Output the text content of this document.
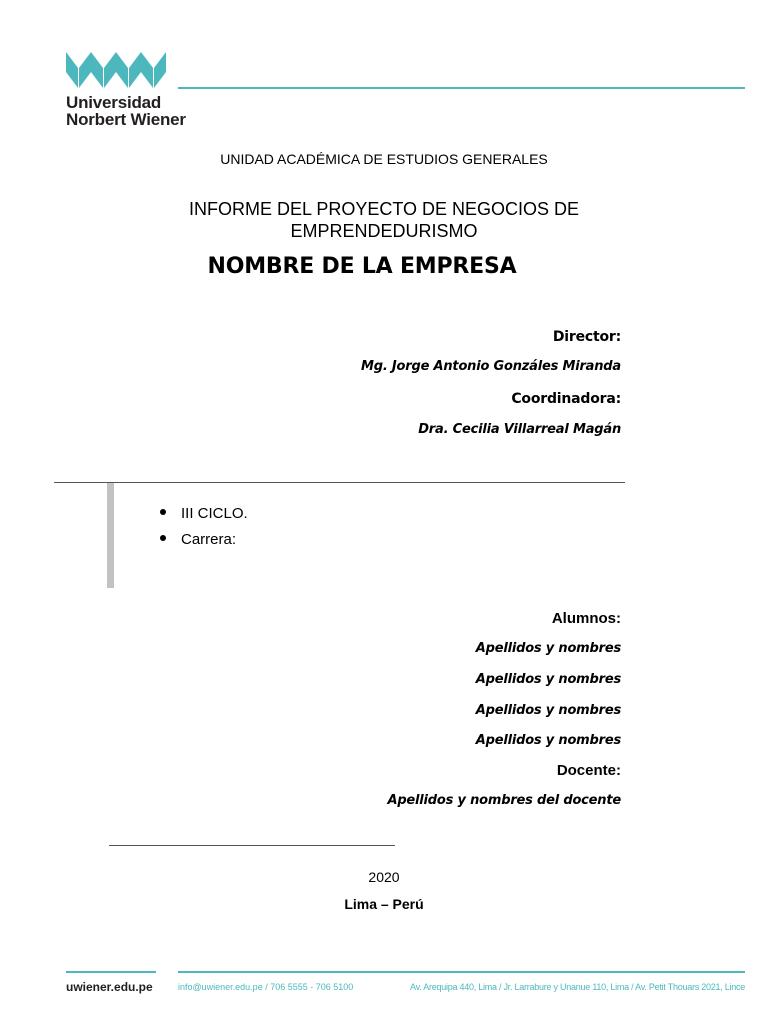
Universidad
Norbert Wiener
UNIDAD ACADÉMICA DE ESTUDIOS GENERALES
INFORME DEL PROYECTO DE NEGOCIOS DE
EMPRENDEDURISMO
NOMBRE DE LA EMPRESA
Director:
Mg. Jorge Antonio Gonzáles Miranda
Coordinadora:
Dra. Cecilia Villarreal Magán
III CICLO.
Carrera:
Alumnos:
Apellidos y nombres
Apellidos y nombres
Apellidos y nombres
Apellidos y nombres
Docente:
Apellidos y nombres del docente
2020
Lima – Perú
uwiener.edu.pe	info@uwiener.edu.pe / 706 5555 - 706 5100	Av. Arequipa 440, Lima / Jr. Larrabure y Unanue 110, Lima / Av. Petit Thouars 2021, Lince
